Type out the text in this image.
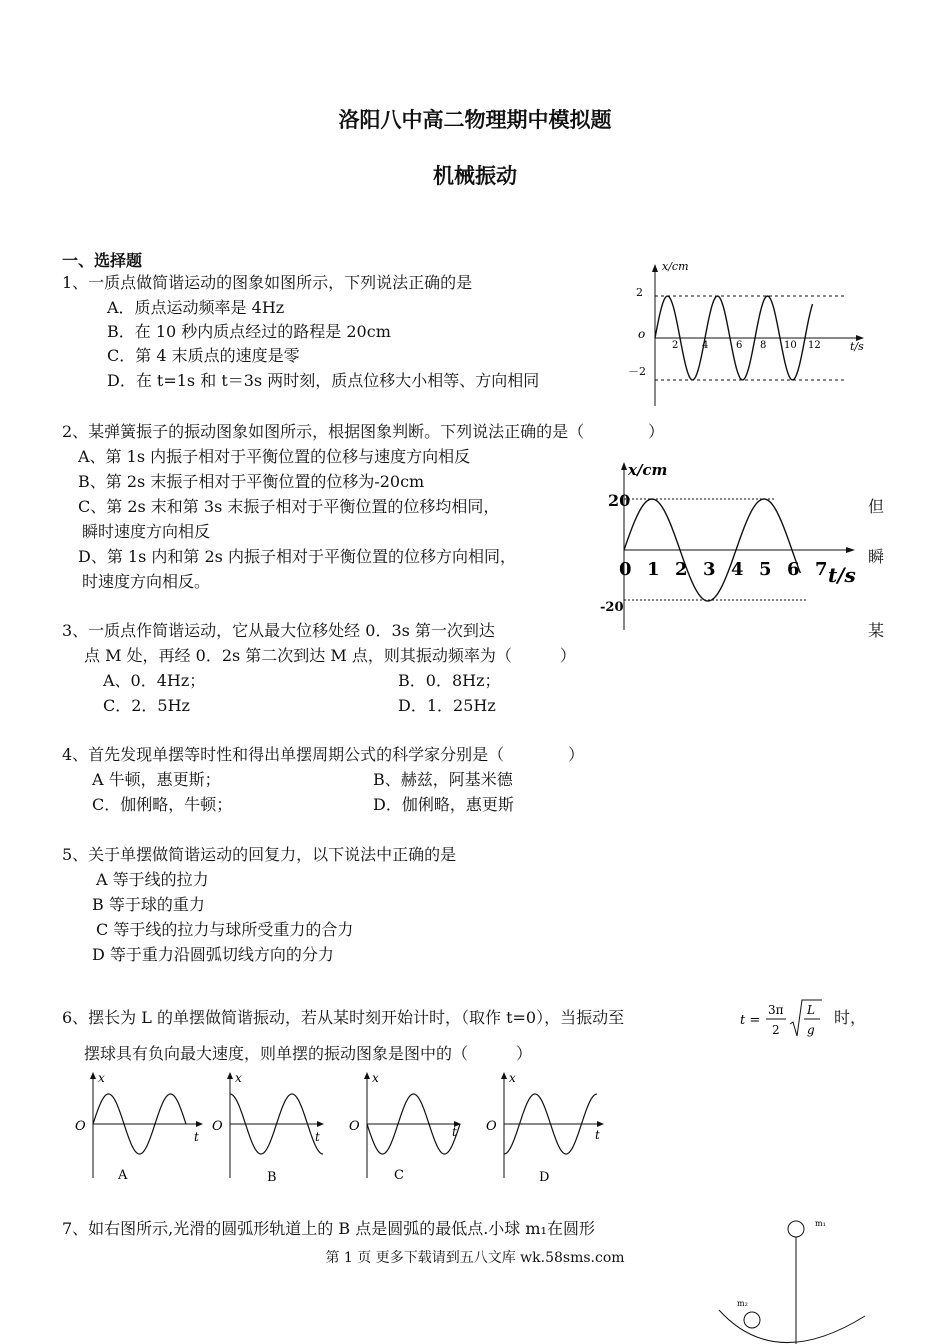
洛阳八中高二物理期中模拟题
机械振动
一、选择题
1、一质点做简谐运动的图象如图所示，下列说法正确的是
A．质点运动频率是 4Hz
B．在 10 秒内质点经过的路程是 20cm
C．第 4 末质点的速度是零
D．在 t=1s 和 t＝3s 两时刻，质点位移大小相等、方向相同
x/cm
t/s
o
2
－2
2 4	6 8 10 12
2、某弹簧振子的振动图象如图所示，根据图象判断。下列说法正确的是（　　　　）
A、第 1s 内振子相对于平衡位置的位移与速度方向相反
B、第 2s 末振子相对于平衡位置的位移为-20cm
C、第 2s 末和第 3s 末振子相对于平衡位置的位移均相同，
瞬时速度方向相反
D、第 1s 内和第 2s 内振子相对于平衡位置的位移方向相同，
时速度方向相反。
但
瞬
x/cm
t/s
20
-20
0 1 2 3 4 5 6 7
3、一质点作简谐运动，它从最大位移处经 0．3s 第一次到达	某
点 M 处，再经 0．2s 第二次到达 M 点，则其振动频率为（　　　）
A、0．4Hz；	B．0．8Hz；
C．2．5Hz	D．1．25Hz
4、首先发现单摆等时性和得出单摆周期公式的科学家分别是（　　　　）
A 牛顿，惠更斯；	B、赫兹，阿基米德
C．伽俐略，牛顿；	D．伽俐略，惠更斯
5、关于单摆做简谐运动的回复力，以下说法中正确的是
A 等于线的拉力
B 等于球的重力
C 等于线的拉力与球所受重力的合力
D 等于重力沿圆弧切线方向的分力
6、摆长为 L 的单摆做简谐振动，若从某时刻开始计时，（取作 t=0），当振动至	t =
3π
2
L
g
时，
摆球具有负向最大速度，则单摆的振动图象是图中的（　　　）
x
t
O
A
x
t
O
B
x
t
O
C
x
t
O
D
7、如右图所示,光滑的圆弧形轨道上的 B 点是圆弧的最低点.小球 m₁在圆形	m₁
m₂
第 1 页 更多下载请到五八文库 wk.58sms.com
